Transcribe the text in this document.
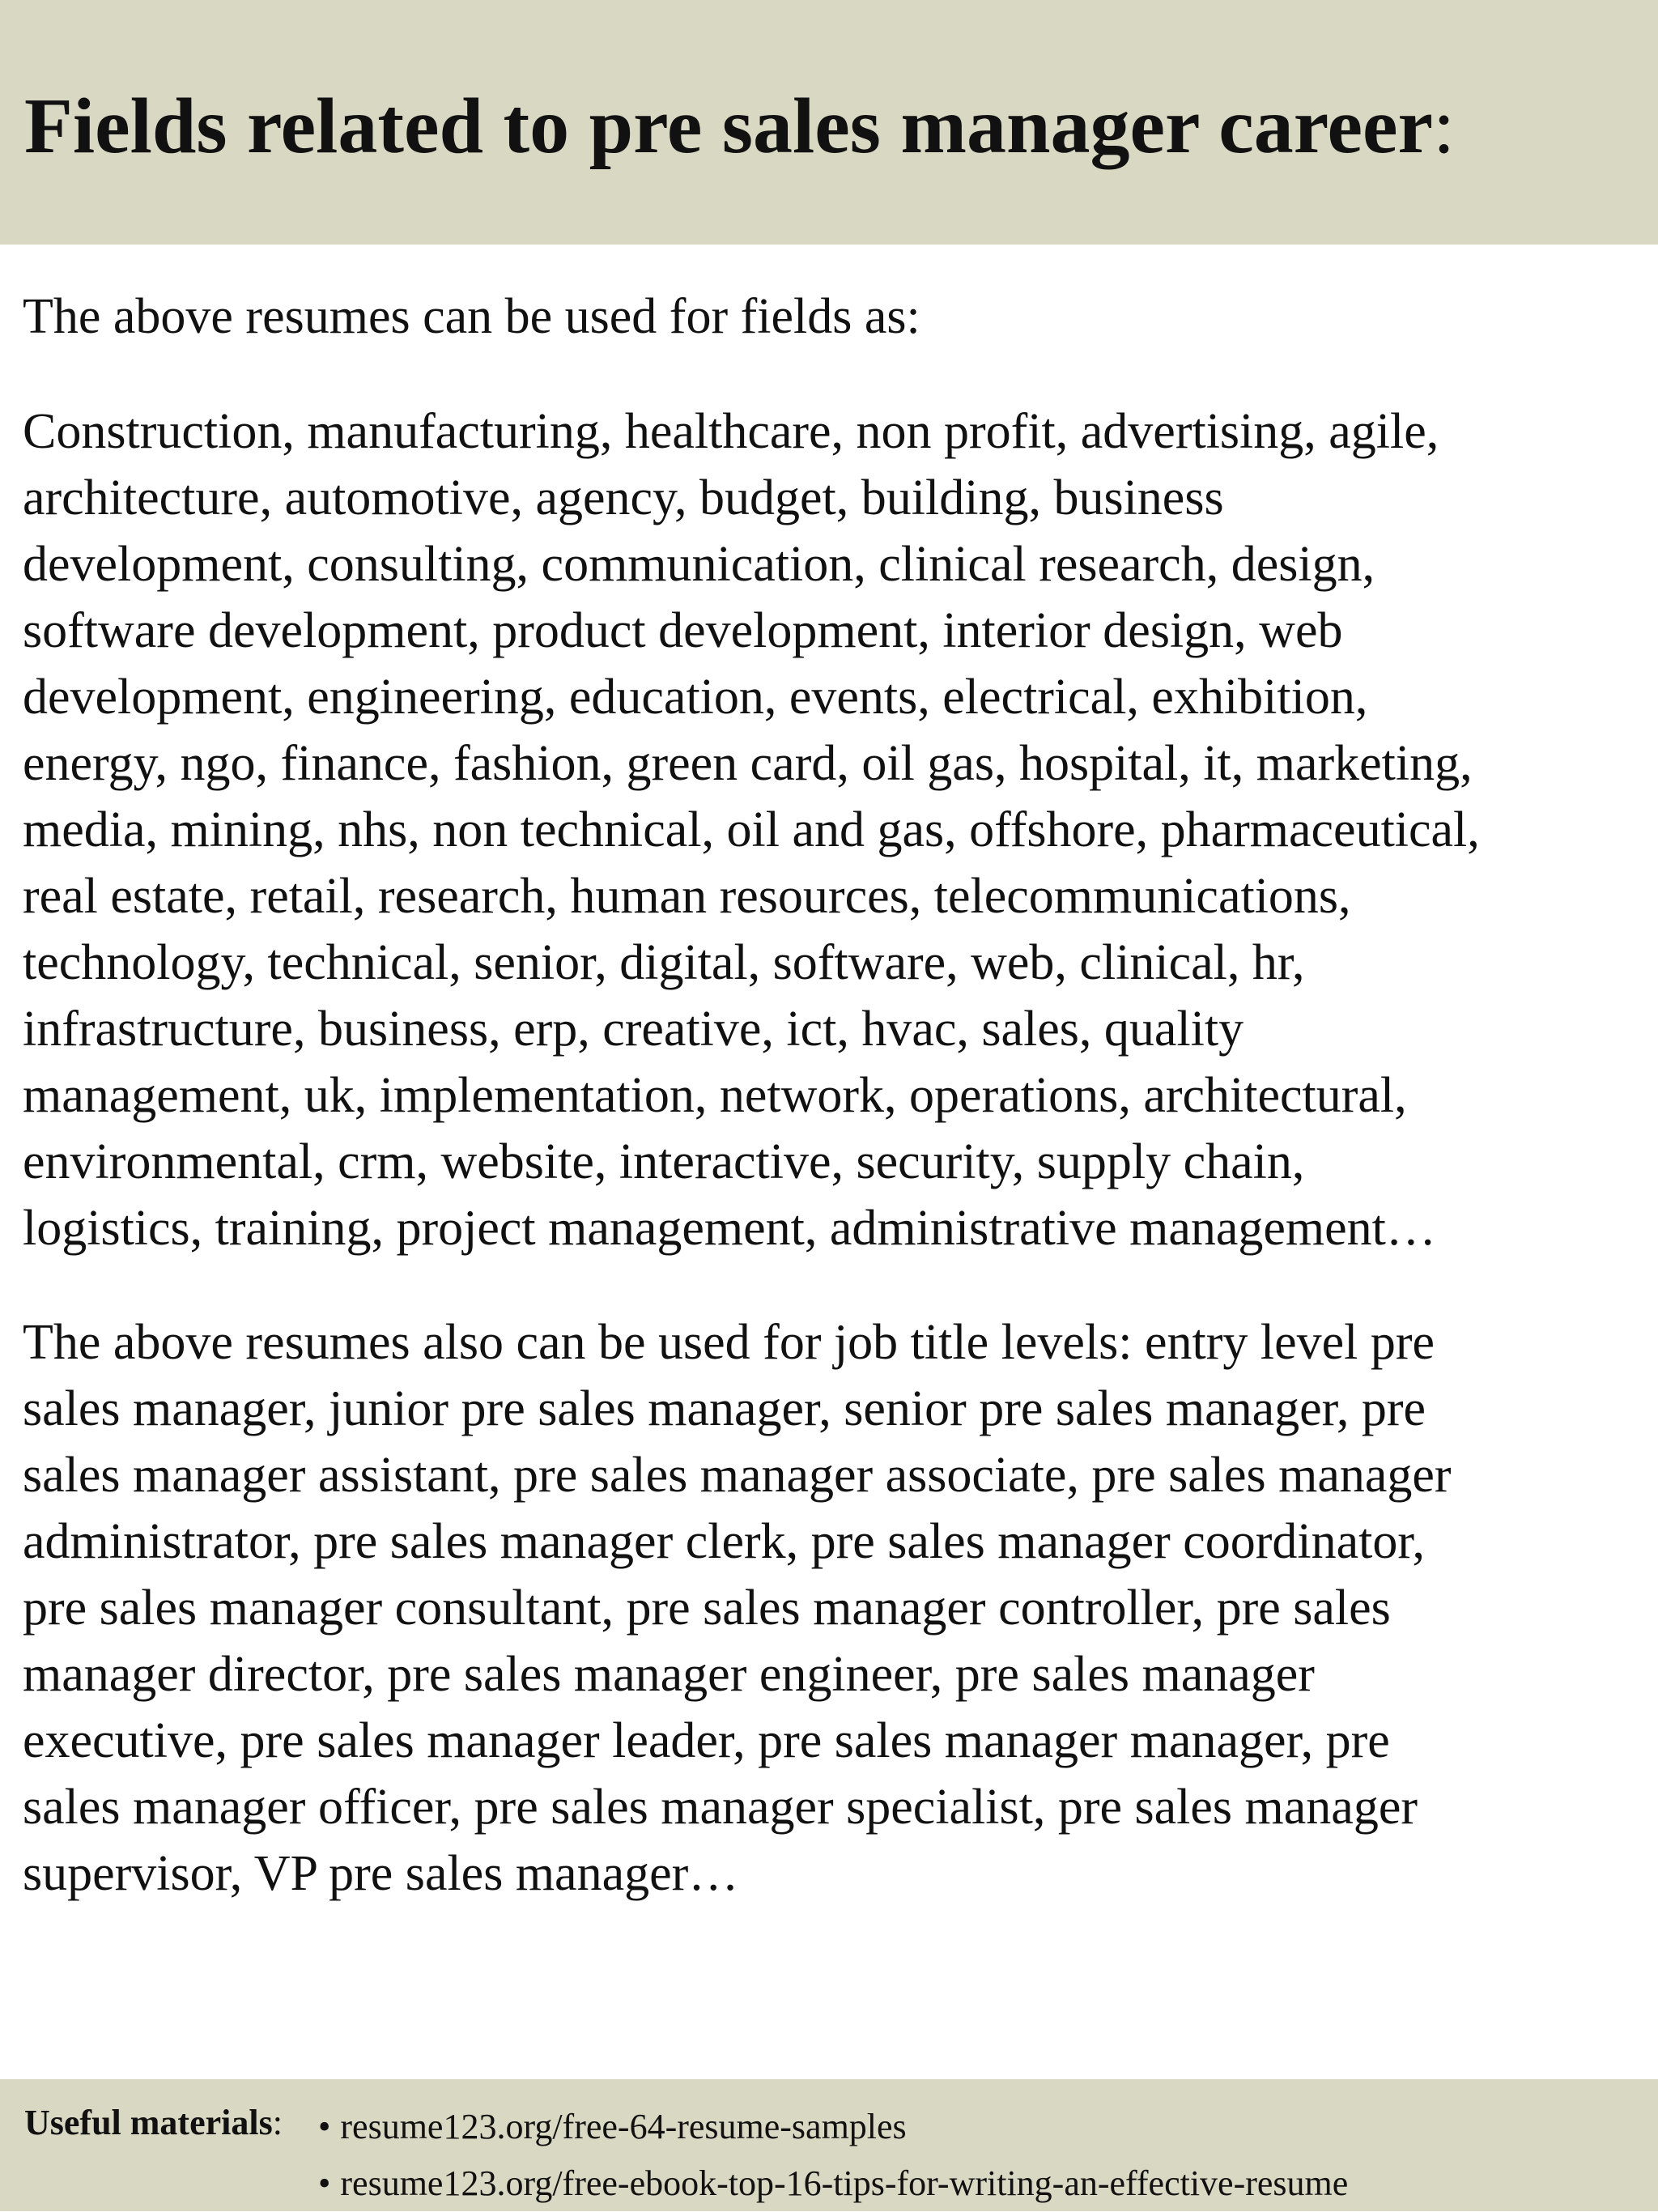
Fields related to pre sales manager career:

The above resumes can be used for fields as:

Construction, manufacturing, healthcare, non profit, advertising, agile,
architecture, automotive, agency, budget, building, business
development, consulting, communication, clinical research, design,
software development, product development, interior design, web
development, engineering, education, events, electrical, exhibition,
energy, ngo, finance, fashion, green card, oil gas, hospital, it, marketing,
media, mining, nhs, non technical, oil and gas, offshore, pharmaceutical,
real estate, retail, research, human resources, telecommunications,
technology, technical, senior, digital, software, web, clinical, hr,
infrastructure, business, erp, creative, ict, hvac, sales, quality
management, uk, implementation, network, operations, architectural,
environmental, crm, website, interactive, security, supply chain,
logistics, training, project management, administrative management…

The above resumes also can be used for job title levels: entry level pre
sales manager, junior pre sales manager, senior pre sales manager, pre
sales manager assistant, pre sales manager associate, pre sales manager
administrator, pre sales manager clerk, pre sales manager coordinator,
pre sales manager consultant, pre sales manager controller, pre sales
manager director, pre sales manager engineer, pre sales manager
executive, pre sales manager leader, pre sales manager manager, pre
sales manager officer, pre sales manager specialist, pre sales manager
supervisor, VP pre sales manager…

Useful materials: • resume123.org/free-64-resume-samples
• resume123.org/free-ebook-top-16-tips-for-writing-an-effective-resume
